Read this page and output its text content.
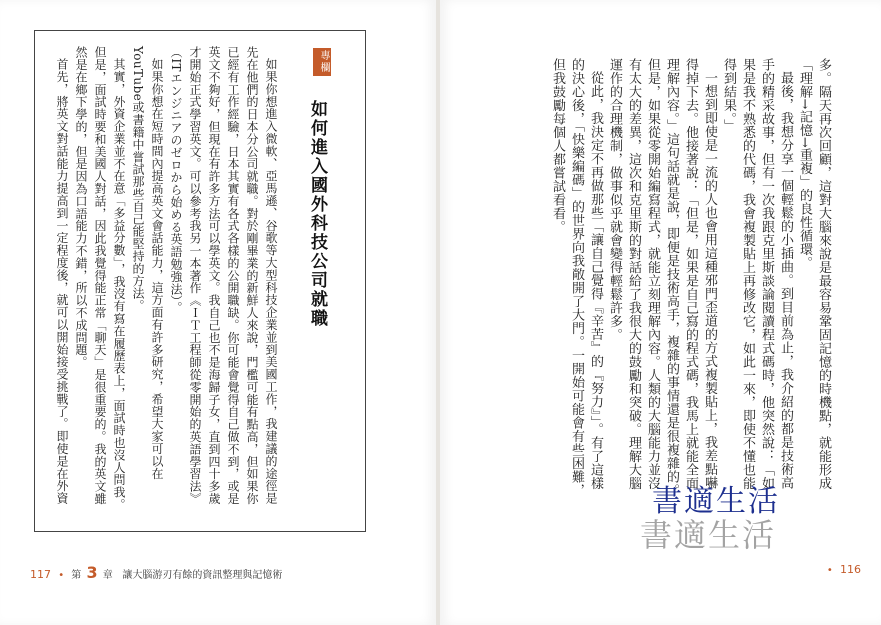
專欄
如何進入國外科技公司就職

如果你想進入微軟、亞馬遜、谷歌等大型科技企業並到美國工作，我建議的途徑是先在他們的日本分公司就職。對於剛畢業的新鮮人來說，門檻可能有點高，但如果你已經有工作經驗，日本其實有各式各樣的公開職缺。你可能會覺得自己做不到，或是英文不夠好，但現在有許多方法可以學英文。我自己也不是海歸子女，直到四十多歲才開始正式學習英文。可以參考我另一本著作《ＩＴ工程師從零開始的英語學習法》（ITエンジニアのゼロから始める英語勉強法）。

如果你想在短時間內提高英文會話能力，這方面有許多研究，希望大家可以在YouTube或書籍中嘗試那些自己能堅持的方法。

其實，外資企業並不在意「多益分數」，我沒有寫在履歷表上，面試時也沒人問我。但是，面試時要和美國人對話，因此我覺得能正常「聊天」是很重要的。我的英文雖然是在鄉下學的，但是因為口語能力不錯，所以不成問題。

首先，將英文對話能力提高到一定程度後，就可以開始接受挑戰了。即使是在外資

117 • 第 3 章 讓大腦游刃有餘的資訊整理與記憶術

多。隔天再次回顧，這對大腦來說是最容易鞏固記憶的時機點，就能形成「理解→記憶→重複」的良性循環。

最後，我想分享一個輕鬆的小插曲。到目前為止，我介紹的都是技術高手的精采故事，但有一次我跟克里斯談論閱讀程式碼時，他突然說：「如果是我不熟悉的代碼，我會複製貼上再修改它，如此一來，即使不懂也能得到結果。」

一想到即使是一流的人也會用這種邪門歪道的方式複製貼上，我差點嚇得掉下去。他接著說：「但是，如果是自己寫的程式碼，我馬上就能全面理解內容。」這句話就是說，即便是技術高手，複雜的事情還是很複雜的。但是，如果從零開始編寫程式，就能立刻理解內容。人類的大腦能力並沒有太大的差異，這次和克里斯的對話給了我很大的鼓勵和突破。理解大腦運作的合理機制，做事似乎就會變得輕鬆許多。

從此，我決定不再做那些「讓自己覺得『辛苦』的『努力』」。有了這樣的決心後，「快樂編碼」的世界向我敞開了大門。一開始可能會有些困難，但我鼓勵每個人都嘗試看看。

• 116
書適生活
書適生活
